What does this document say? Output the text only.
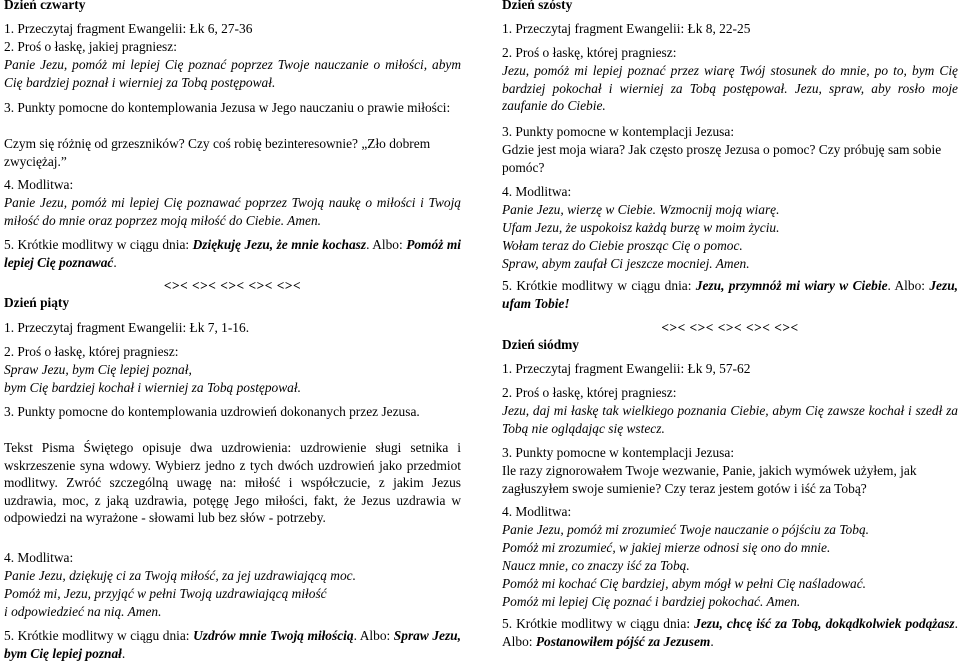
Dzień czwarty

1. Przeczytaj fragment Ewangelii: Łk 6, 27-36

2. Proś o łaskę, jakiej pragniesz:

Panie Jezu, pomóż mi lepiej Cię poznać poprzez Twoje nauczanie o miłości, abym Cię bardziej poznał i wierniej za Tobą postępował.

3. Punkty pomocne do kontemplowania Jezusa w Jego nauczaniu o prawie miłości:

Czym się różnię od grzeszników? Czy coś robię bezinteresownie? „Zło dobrem zwyciężaj.”

4. Modlitwa:

Panie Jezu, pomóż mi lepiej Cię poznawać poprzez Twoją naukę o miłości i Twoją miłość do mnie oraz poprzez moją miłość do Ciebie. Amen.

5. Krótkie modlitwy w ciągu dnia: Dziękuję Jezu, że mnie kochasz. Albo: Pomóż mi lepiej Cię poznawać.

<>< <>< <>< <>< <><

Dzień piąty

1. Przeczytaj fragment Ewangelii: Łk 7, 1-16.

2. Proś o łaskę, której pragniesz:

Spraw Jezu, bym Cię lepiej poznał,

bym Cię bardziej kochał i wierniej za Tobą postępował.

3. Punkty pomocne do kontemplowania uzdrowień dokonanych przez Jezusa.

Tekst Pisma Świętego opisuje dwa uzdrowienia: uzdrowienie sługi setnika i wskrzeszenie syna wdowy. Wybierz jedno z tych dwóch uzdrowień jako przedmiot modlitwy. Zwróć szczególną uwagę na: miłość i współczucie, z jakim Jezus uzdrawia, moc, z jaką uzdrawia, potęgę Jego miłości, fakt, że Jezus uzdrawia w odpowiedzi na wyrażone - słowami lub bez słów - potrzeby.

4. Modlitwa:

Panie Jezu, dziękuję ci za Twoją miłość, za jej uzdrawiającą moc.

Pomóż mi, Jezu, przyjąć w pełni Twoją uzdrawiającą miłość

i odpowiedzieć na nią. Amen.

5. Krótkie modlitwy w ciągu dnia: Uzdrów mnie Twoją miłością. Albo: Spraw Jezu, bym Cię lepiej poznał.

Dzień szósty

1. Przeczytaj fragment Ewangelii: Łk 8, 22-25

2. Proś o łaskę, której pragniesz:

Jezu, pomóż mi lepiej poznać przez wiarę Twój stosunek do mnie, po to, bym Cię bardziej pokochał i wierniej za Tobą postępował. Jezu, spraw, aby rosło moje zaufanie do Ciebie.

3. Punkty pomocne w kontemplacji Jezusa:

Gdzie jest moja wiara? Jak często proszę Jezusa o pomoc? Czy próbuję sam sobie pomóc?

4. Modlitwa:

Panie Jezu, wierzę w Ciebie. Wzmocnij moją wiarę.

Ufam Jezu, że uspokoisz każdą burzę w moim życiu.

Wołam teraz do Ciebie prosząc Cię o pomoc.

Spraw, abym zaufał Ci jeszcze mocniej. Amen.

5. Krótkie modlitwy w ciągu dnia: Jezu, przymnóż mi wiary w Ciebie. Albo: Jezu, ufam Tobie!

<>< <>< <>< <>< <><

Dzień siódmy

1. Przeczytaj fragment Ewangelii: Łk 9, 57-62

2. Proś o łaskę, której pragniesz:

Jezu, daj mi łaskę tak wielkiego poznania Ciebie, abym Cię zawsze kochał i szedł za Tobą nie oglądając się wstecz.

3. Punkty pomocne w kontemplacji Jezusa:

Ile razy zignorowałem Twoje wezwanie, Panie, jakich wymówek użyłem, jak zagłuszyłem swoje sumienie? Czy teraz jestem gotów i iść za Tobą?

4. Modlitwa:

Panie Jezu, pomóż mi zrozumieć Twoje nauczanie o pójściu za Tobą.

Pomóż mi zrozumieć, w jakiej mierze odnosi się ono do mnie.

Naucz mnie, co znaczy iść za Tobą.

Pomóż mi kochać Cię bardziej, abym mógł w pełni Cię naśladować.

Pomóż mi lepiej Cię poznać i bardziej pokochać. Amen.

5. Krótkie modlitwy w ciągu dnia: Jezu, chcę iść za Tobą, dokądkolwiek podążasz. Albo: Postanowiłem pójść za Jezusem.
